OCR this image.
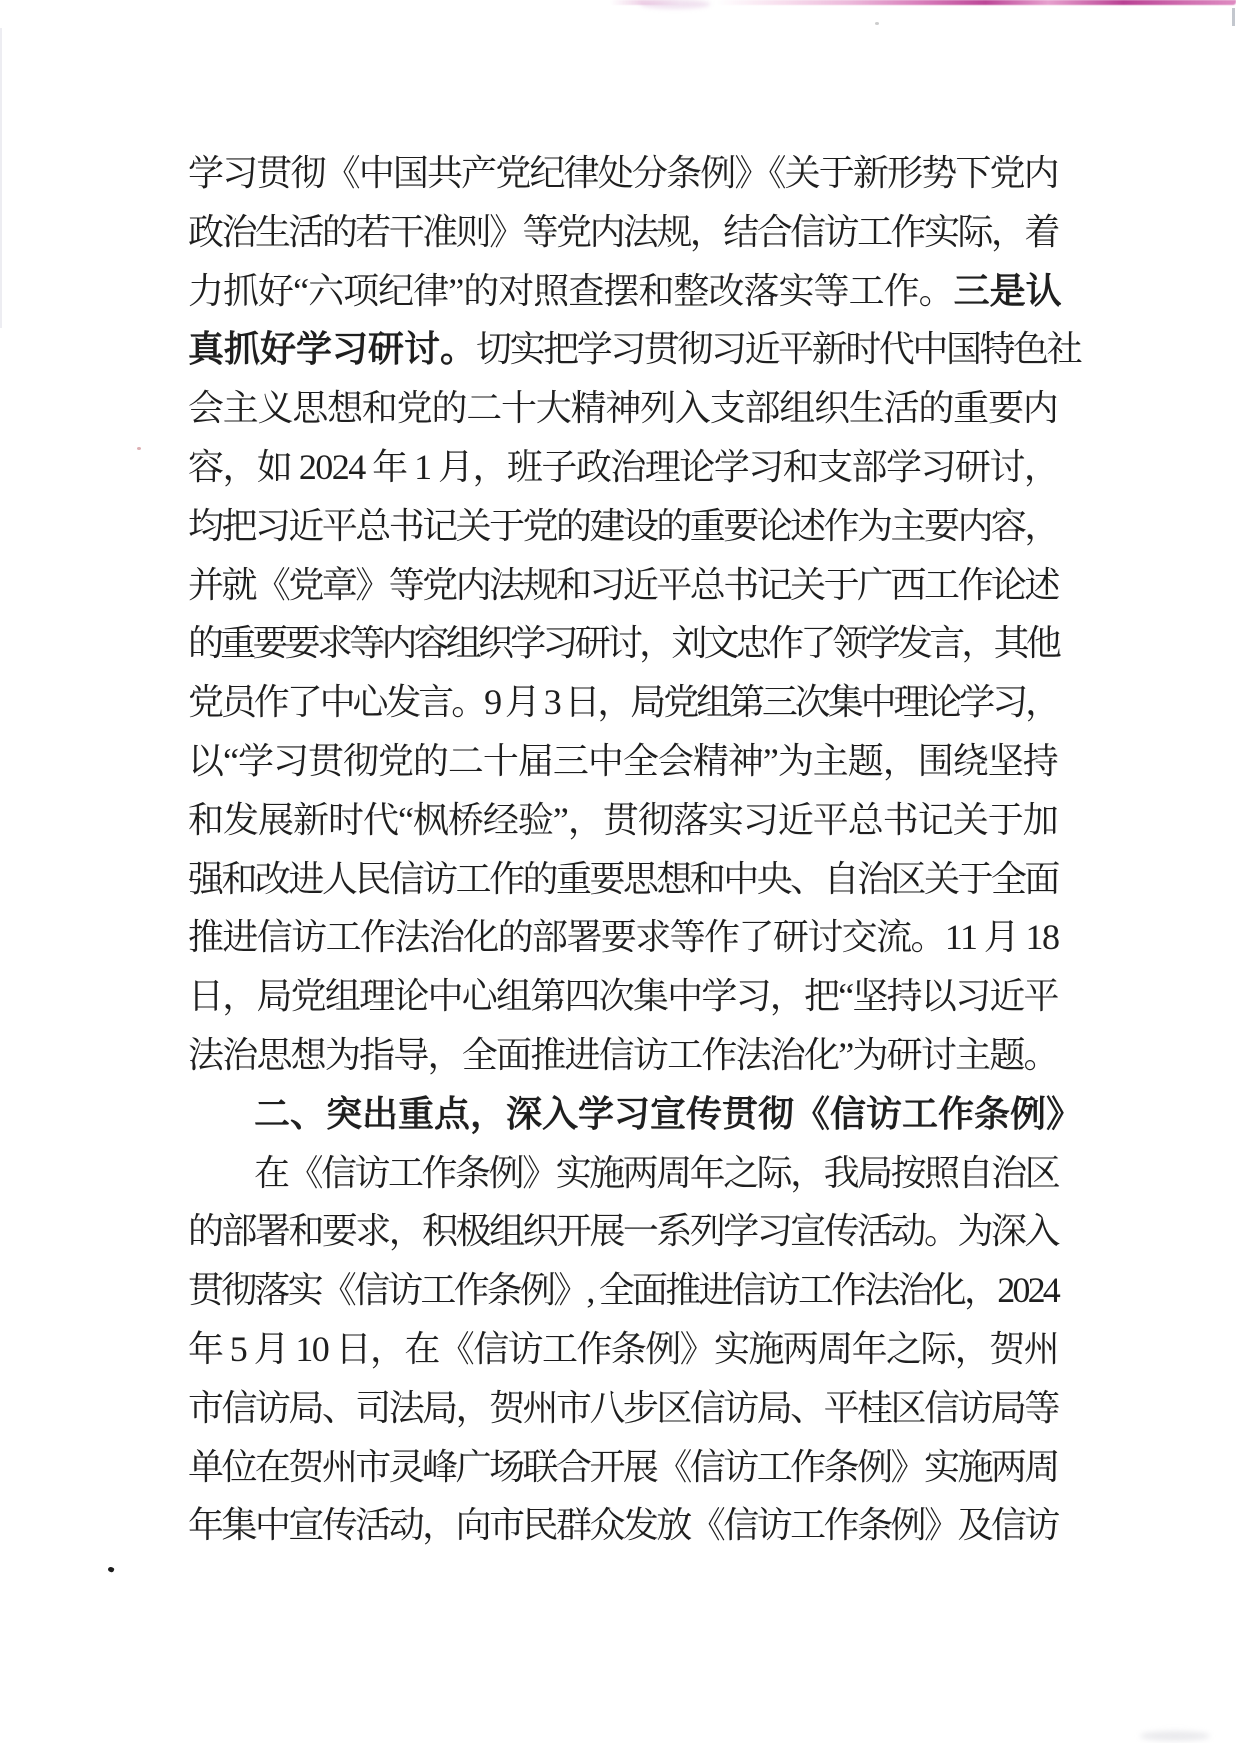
学习贯彻《中国共产党纪律处分条例》《关于新形势下党内
政治生活的若干准则》等党内法规，结合信访工作实际，着
力抓好“六项纪律”的对照查摆和整改落实等工作。三是认
真抓好学习研讨。切实把学习贯彻习近平新时代中国特色社
会主义思想和党的二十大精神列入支部组织生活的重要内
容，如 2024 年 1 月，班子政治理论学习和支部学习研讨，
均把习近平总书记关于党的建设的重要论述作为主要内容，
并就《党章》等党内法规和习近平总书记关于广西工作论述
的重要要求等内容组织学习研讨，刘文忠作了领学发言，其他
党员作了中心发言。9 月 3 日，局党组第三次集中理论学习，
以“学习贯彻党的二十届三中全会精神”为主题，围绕坚持
和发展新时代“枫桥经验”，贯彻落实习近平总书记关于加
强和改进人民信访工作的重要思想和中央、自治区关于全面
推进信访工作法治化的部署要求等作了研讨交流。11 月 18
日，局党组理论中心组第四次集中学习，把“坚持以习近平
法治思想为指导，全面推进信访工作法治化”为研讨主题。
二、突出重点，深入学习宣传贯彻《信访工作条例》
在《信访工作条例》实施两周年之际，我局按照自治区
的部署和要求，积极组织开展一系列学习宣传活动。为深入
贯彻落实《信访工作条例》, 全面推进信访工作法治化，2024
年 5 月 10 日，在《信访工作条例》实施两周年之际，贺州
市信访局、司法局，贺州市八步区信访局、平桂区信访局等
单位在贺州市灵峰广场联合开展《信访工作条例》实施两周
年集中宣传活动，向市民群众发放《信访工作条例》及信访
